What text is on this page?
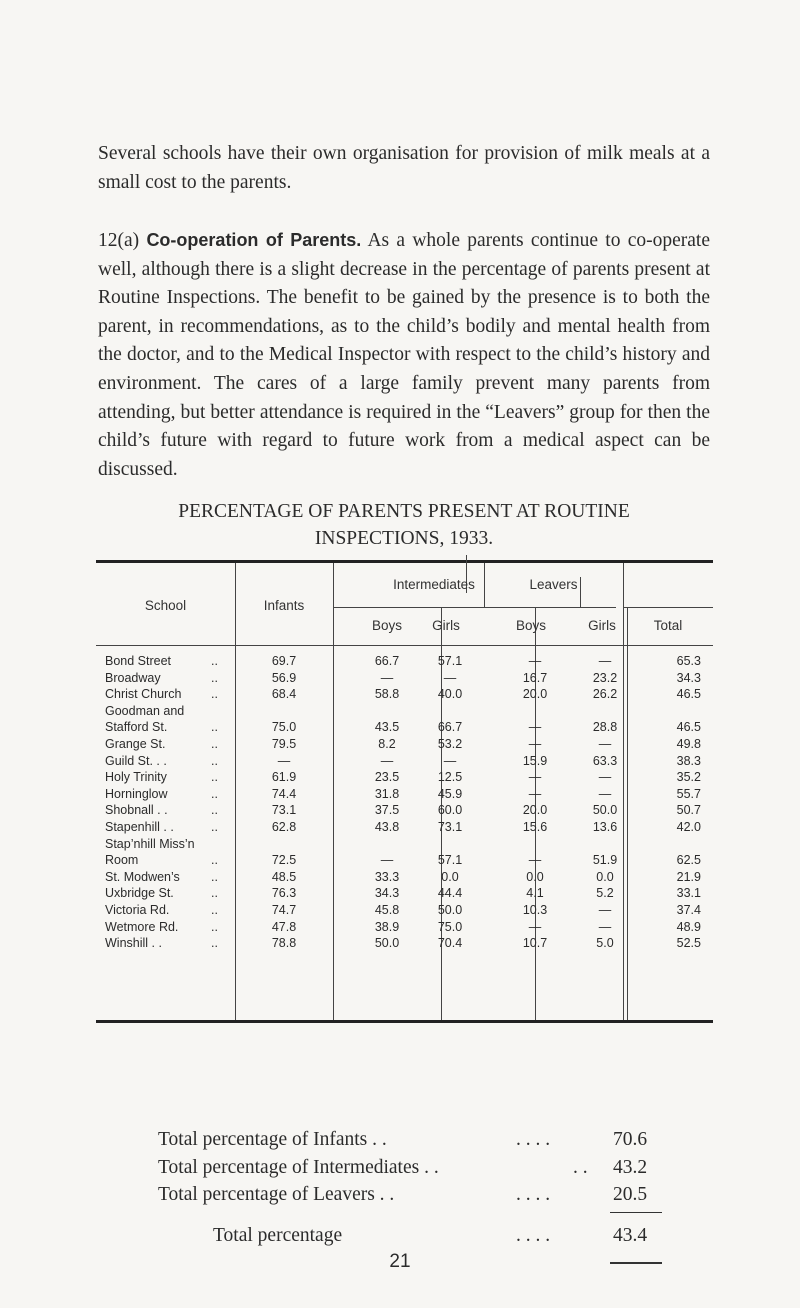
Several schools have their own organisation for provision of milk meals at a small cost to the parents.

12(a) Co-operation of Parents. As a whole parents continue to co-operate well, although there is a slight decrease in the percentage of parents present at Routine Inspections. The benefit to be gained by the presence is to both the parent, in recommendations, as to the child’s bodily and mental health from the doctor, and to the Medical Inspector with respect to the child’s history and environment. The cares of a large family prevent many parents from attending, but better attendance is required in the “Leavers” group for then the child’s future with regard to future work from a medical aspect can be discussed.

PERCENTAGE OF PARENTS PRESENT AT ROUTINE
INSPECTIONS, 1933.
School	Infants
Intermediates	Leavers
Boys	Girls	Boys	Girls	Total
Bond Street	..	69.7	66.7	57.1	—	—	65.3
Broadway	..	56.9	—	—	16.7	23.2	34.3
Christ Church ..	68.4	58.8	40.0	20.0	26.2	46.5
Goodman and
Stafford St.	..	75.0	43.5	66.7	—	28.8	46.5
Grange St.	..	79.5	8.2	53.2	—	—	49.8
Guild St. . .	..	—	—	—	15.9	63.3	38.3
Holy Trinity	..	61.9	23.5	12.5	—	—	35.2
Horninglow	..	74.4	31.8	45.9	—	—	55.7
Shobnall . .	..	73.1	37.5	60.0	20.0	50.0	50.7
Stapenhill . .	..	62.8	43.8	73.1	15.6	13.6	42.0
Stap’nhill Miss’n
Room	..	72.5	—	57.1	—	51.9	62.5
St. Modwen’s ..	48.5	33.3	0.0	0.0	0.0	21.9
Uxbridge St.	..	76.3	34.3	44.4	4.1	5.2	33.1
Victoria Rd.	..	74.7	45.8	50.0	10.3	—	37.4
Wetmore Rd.	..	47.8	38.9	75.0	—	—	48.9
Winshill . .	..	78.8	50.0	70.4	10.7	5.0	52.5
Total percentage of Infants . .	. . . .	70.6
Total percentage of Intermediates . .	. . 43.2
Total percentage of Leavers . .	. . . .	20.5
Total percentage	. . . .	43.4
21
